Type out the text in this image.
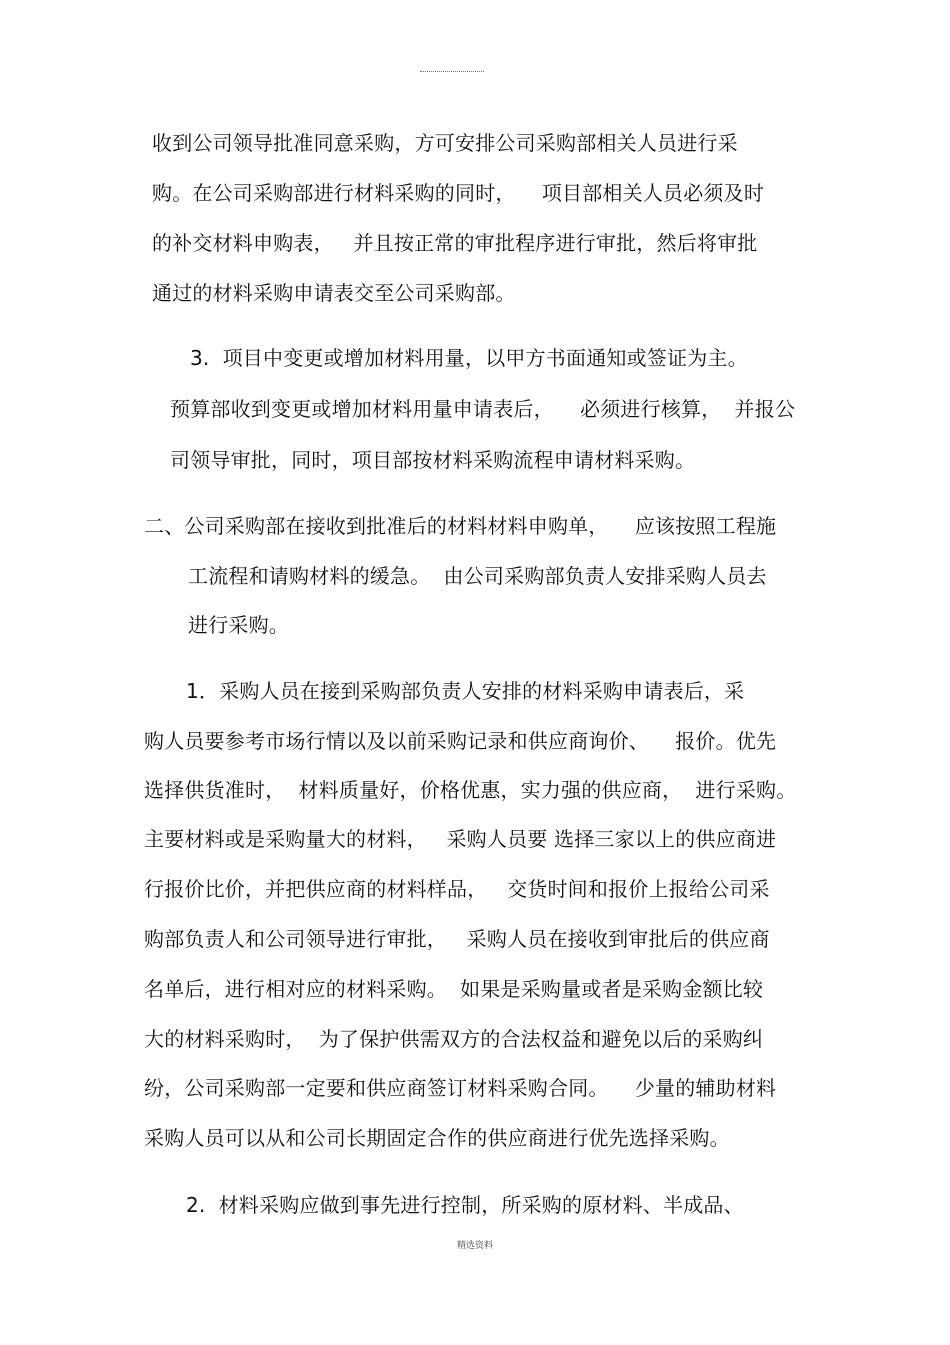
收到公司领导批准同意采购，方可安排公司采购部相关人员进行采
购。在公司采购部进行材料采购的同时，    项目部相关人员必须及时
的补交材料申购表，   并且按正常的审批程序进行审批，然后将审批
通过的材料采购申请表交至公司采购部。
3.  项目中变更或增加材料用量，以甲方书面通知或签证为主。
预算部收到变更或增加材料用量申请表后，    必须进行核算，  并报公
司领导审批，同时，项目部按材料采购流程申请材料采购。
二、公司采购部在接收到批准后的材料材料申购单，    应该按照工程施
工流程和请购材料的缓急。  由公司采购部负责人安排采购人员去
进行采购。
1．采购人员在接到采购部负责人安排的材料采购申请表后，采
购人员要参考市场行情以及以前采购记录和供应商询价、    报价。优先
选择供货准时，  材料质量好，价格优惠，实力强的供应商，  进行采购。
主要材料或是采购量大的材料，   采购人员要 选择三家以上的供应商进
行报价比价，并把供应商的材料样品，   交货时间和报价上报给公司采
购部负责人和公司领导进行审批，   采购人员在接收到审批后的供应商
名单后，进行相对应的材料采购。  如果是采购量或者是采购金额比较
大的材料采购时，  为了保护供需双方的合法权益和避免以后的采购纠
纷，公司采购部一定要和供应商签订材料采购合同。    少量的辅助材料
采购人员可以从和公司长期固定合作的供应商进行优先选择采购。
2.  材料采购应做到事先进行控制，所采购的原材料、半成品、
精选资料
